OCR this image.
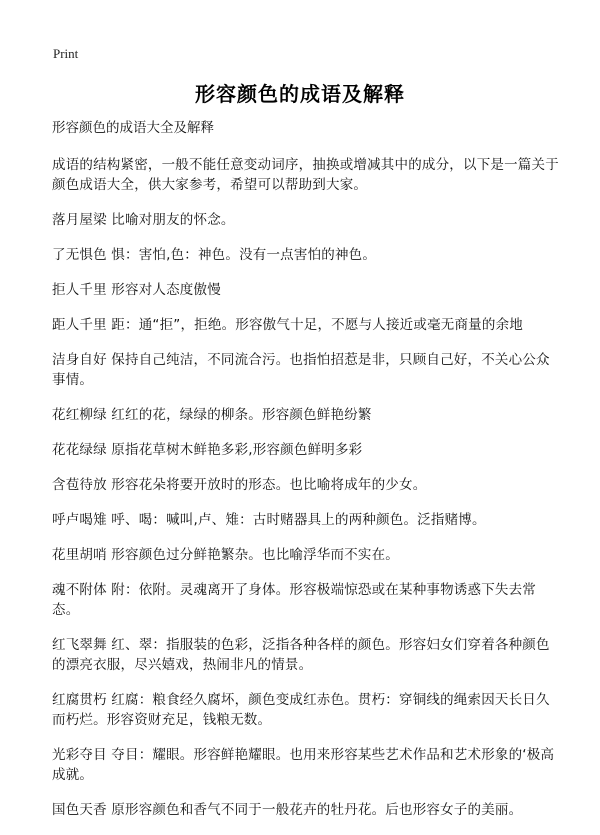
Print
形容颜色的成语及解释
形容颜色的成语大全及解释

成语的结构紧密，一般不能任意变动词序，抽换或增减其中的成分，以下是一篇关于颜色成语大全，供大家参考，希望可以帮助到大家。

落月屋梁 比喻对朋友的怀念。

了无惧色 惧：害怕,色：神色。没有一点害怕的神色。

拒人千里 形容对人态度傲慢

距人千里 距：通“拒”，拒绝。形容傲气十足，不愿与人接近或毫无商量的余地

洁身自好 保持自己纯洁，不同流合污。也指怕招惹是非，只顾自己好，不关心公众事情。

花红柳绿 红红的花，绿绿的柳条。形容颜色鲜艳纷繁

花花绿绿 原指花草树木鲜艳多彩,形容颜色鲜明多彩

含苞待放 形容花朵将要开放时的形态。也比喻将成年的少女。

呼卢喝雉 呼、喝：喊叫,卢、雉：古时赌器具上的两种颜色。泛指赌博。

花里胡哨 形容颜色过分鲜艳繁杂。也比喻浮华而不实在。

魂不附体 附：依附。灵魂离开了身体。形容极端惊恐或在某种事物诱惑下失去常态。

红飞翠舞 红、翠：指服装的色彩，泛指各种各样的颜色。形容妇女们穿着各种颜色的漂亮衣服，尽兴嬉戏，热闹非凡的情景。

红腐贯朽 红腐：粮食经久腐坏，颜色变成红赤色。贯朽：穿铜线的绳索因天长日久而朽烂。形容资财充足，钱粮无数。

光彩夺目 夺目：耀眼。形容鲜艳耀眼。也用来形容某些艺术作品和艺术形象的‘极高成就。

国色天香 原形容颜色和香气不同于一般花卉的牡丹花。后也形容女子的美丽。
